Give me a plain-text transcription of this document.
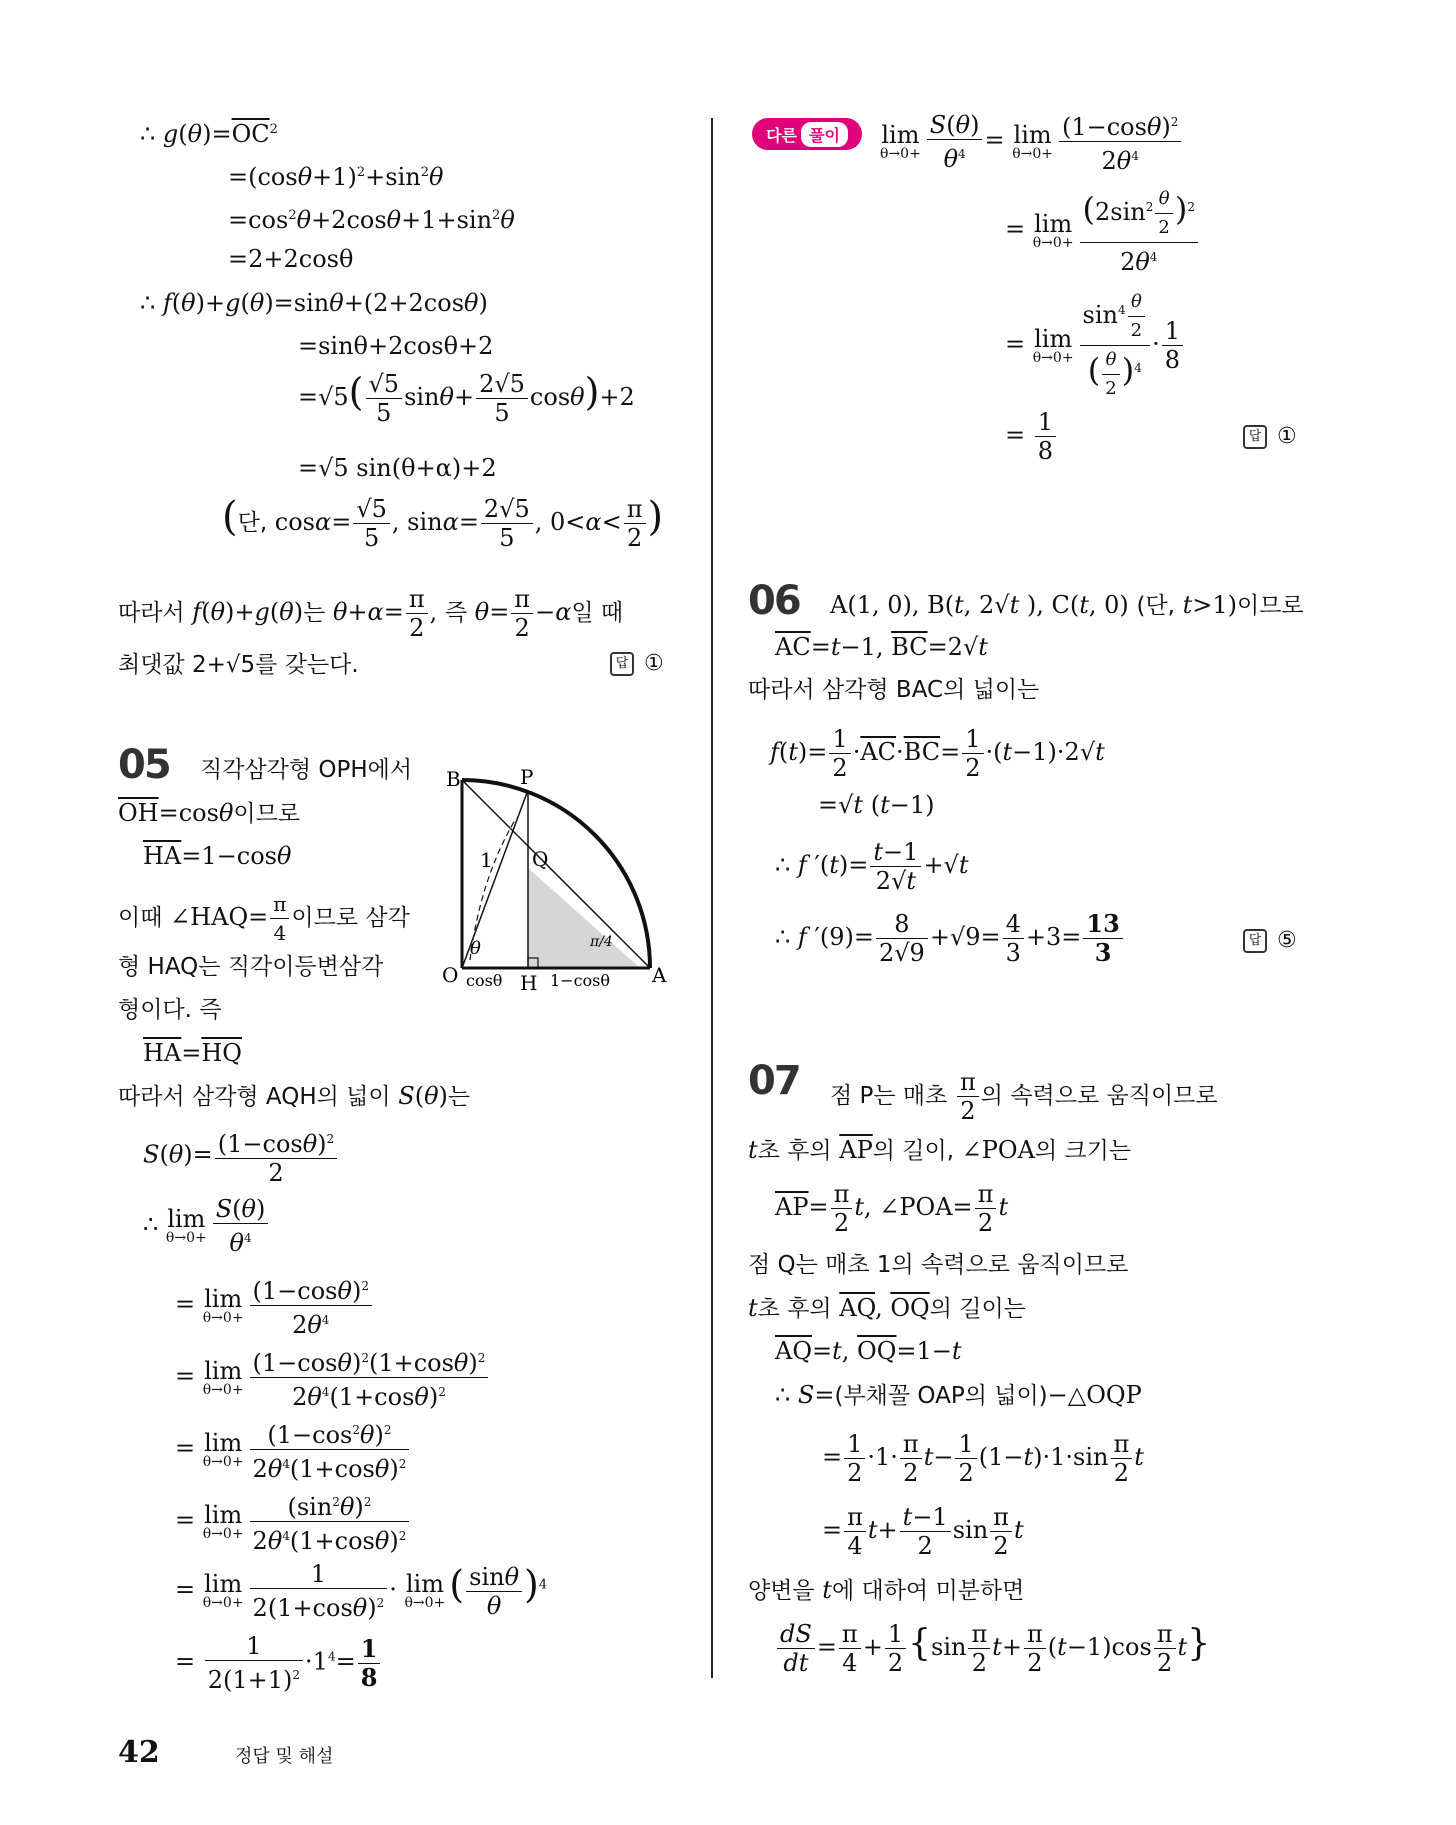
∴ $g(\theta)=\overline{OC}^2$
$=(\cos\theta+1)^2+\sin^2\theta$
$=\cos^2\theta+2\cos\theta+1+\sin^2\theta$
=2+2cosθ
∴ f(θ)+g(θ)=sinθ+(2+2cosθ)
=sinθ+2cosθ+2
$=√5( \frac{√5}{5} \sin\theta+ \frac{2√5}{5} \cos\theta)+2$
=√5 sin(θ+α)+2
(단, $\cos\alpha= \frac{√5}{5}$ , $\sin\alpha= \frac{2√5}{5}$ , $0<\alpha< \frac{\pi}{2}$ )
따라서 f(θ)+g(θ)는 $\theta+\alpha= \frac{\pi}{2}$ , 즉 $\theta= \frac{\pi}{2} -\alpha$일 때
최댓값 2+√5를 갖는다.	답 ①
05 직각삼각형 OPH에서
$\overline{OH}=\cos\theta$이므로
$\overline{HA}=1-\cos\theta$
이때 ∠HAQ= $\frac{\pi}{4}$ 이므로 삼각
형 HAQ는 직각이등변삼각
형이다. 즉
$\overline{HA}=\overline{HQ}$
따라서 삼각형 AQH의 넓이 S(θ)는
B	P
Q
1
θ	π/4
O	H	A
cosθ	1−cosθ
$S(\theta)= \frac{(1-\cos\theta)^2}{2}$
∴ lim
$\theta\to 0+ \frac{S(\theta)}{\theta^4}$
= lim
$\theta\to 0+ \frac{(1-\cos\theta)^2}{2\theta^4}$
= lim
$\theta\to 0+ \frac{(1-\cos\theta)^2(1+\cos\theta)^2}{2\theta^4(1+\cos\theta)^2}$
= lim
$\theta\to 0+ \frac{(1-\cos^2\theta)^2}{2\theta^4(1+\cos\theta)^2}$
= lim
$\theta\to 0+ \frac{(\sin^2\theta)^2}{2\theta^4(1+\cos\theta)^2}$
= lim
$\theta\to 0+ \frac{1}{2(1+\cos\theta)^2} \cdot \lim$
θ→0+ ( $\frac{\sin\theta}{\theta} )^4$
= $\frac{1}{2(1+1)^2} \cdot 1^4= \frac{1}{8}$
다른 풀이	lim
$\theta\to 0+ \frac{S(\theta)}{\theta^4} = \lim$
$\theta\to 0+ \frac{(1-\cos\theta)^2}{2\theta^4}$
= lim
$\theta\to 0+ \frac{(2\sin^2 \frac{\theta}{2} )^2}{2\theta^4}$
= lim
$\theta\to 0+ \frac{\sin^4 \frac{\theta}{2}}{( \frac{\theta}{2} )^4} \cdot \frac{1}{8}$
= $\frac{1}{8}$	답 ①
06 A(1, 0), B(t, 2√t ), C(t, 0) (단, t>1)이므로
$\overline{AC}=t-1$, $\overline{BC}=2√t$
따라서 삼각형 BAC의 넓이는
$f(t)= \frac{1}{2} \cdot\overline{AC}\cdot\overline{BC}= \frac{1}{2} \cdot(t-1)\cdot 2√t$
=√t (t−1)
∴ f $'(t)= \frac{t-1}{2√t} +√t$
∴ f $'(9)= \frac{8}{2√9} +√9= \frac{4}{3} +3= \frac{13}{3}$	답 ⑤
07 점 P는 매초 $\frac{\pi}{2}$ 의 속력으로 움직이므로
t초 후의 $\overline{AP}$의 길이, ∠POA의 크기는
$\overline{AP}= \frac{\pi}{2} t$, ∠POA= $\frac{\pi}{2}$ t
점 Q는 매초 1의 속력으로 움직이므로
t초 후의 $\overline{AQ}$, $\overline{OQ}$의 길이는
$\overline{AQ}=t$, $\overline{OQ}=1-t$
∴ S=(부채꼴 OAP의 넓이)−△OQP
= $\frac{1}{2} \cdot 1\cdot \frac{\pi}{2} t- \frac{1}{2} (1-t)\cdot 1\cdot\sin \frac{\pi}{2}$ t
= $\frac{\pi}{4} t+ \frac{t-1}{2}$ $\sin \frac{\pi}{2}$ t
양변을 t에 대하여 미분하면
$\frac{dS}{dt} = \frac{\pi}{4} + \frac{1}{2} \{\sin \frac{\pi}{2} t+ \frac{\pi}{2} (t-1)\cos \frac{\pi}{2} t\}$
42	정답 및 해설
